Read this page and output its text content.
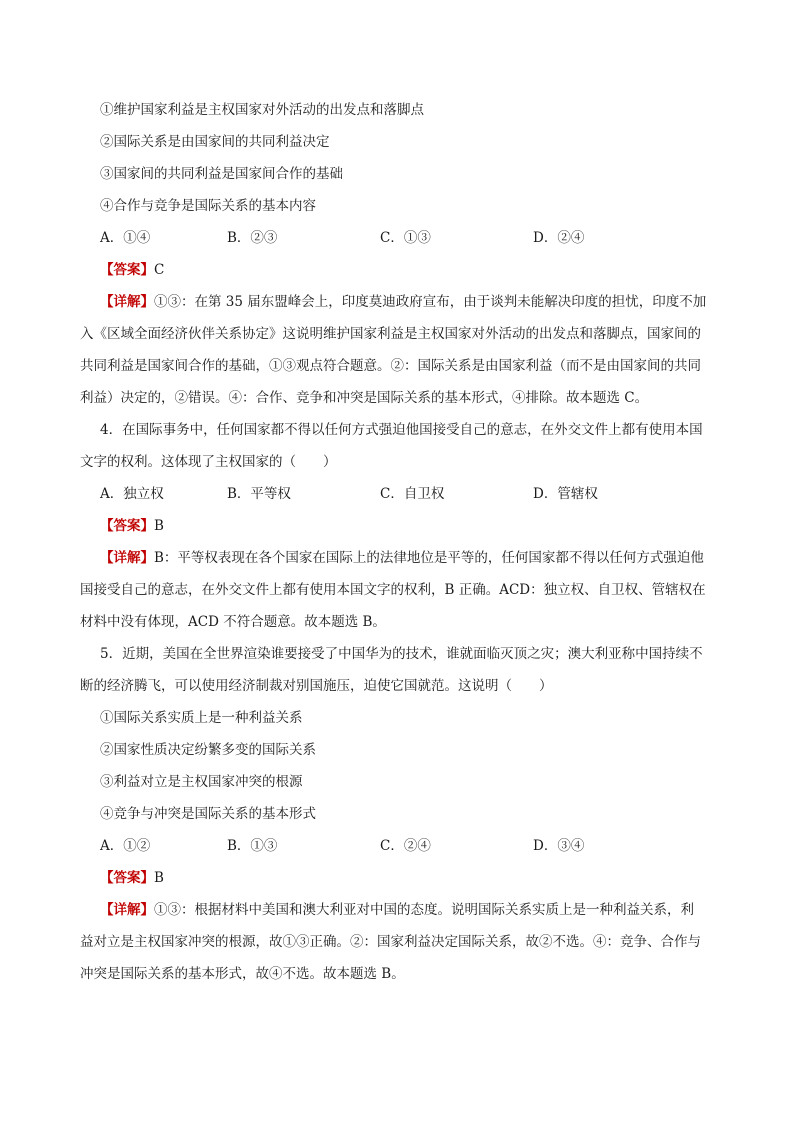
①维护国家利益是主权国家对外活动的出发点和落脚点
②国际关系是由国家间的共同利益决定
③国家间的共同利益是国家间合作的基础
④合作与竞争是国际关系的基本内容
A．①④	B．②③	C．①③	D．②④
【答案】C
【详解】①③：在第 35 届东盟峰会上，印度莫迪政府宣布，由于谈判未能解决印度的担忧，印度不加
入《区域全面经济伙伴关系协定》这说明维护国家利益是主权国家对外活动的出发点和落脚点，国家间的
共同利益是国家间合作的基础，①③观点符合题意。②：国际关系是由国家利益（而不是由国家间的共同
利益）决定的，②错误。④：合作、竞争和冲突是国际关系的基本形式，④排除。故本题选 C。
4．在国际事务中，任何国家都不得以任何方式强迫他国接受自己的意志，在外交文件上都有使用本国
文字的权利。这体现了主权国家的（　　）
A．独立权	B．平等权	C．自卫权	D．管辖权
【答案】B
【详解】B：平等权表现在各个国家在国际上的法律地位是平等的，任何国家都不得以任何方式强迫他
国接受自己的意志，在外交文件上都有使用本国文字的权利，B 正确。ACD：独立权、自卫权、管辖权在
材料中没有体现，ACD 不符合题意。故本题选 B。
5．近期，美国在全世界渲染谁要接受了中国华为的技术，谁就面临灭顶之灾；澳大利亚称中国持续不
断的经济腾飞，可以使用经济制裁对别国施压，迫使它国就范。这说明（　　）
①国际关系实质上是一种利益关系
②国家性质决定纷繁多变的国际关系
③利益对立是主权国家冲突的根源
④竞争与冲突是国际关系的基本形式
A．①②	B．①③	C．②④	D．③④
【答案】B
【详解】①③：根据材料中美国和澳大利亚对中国的态度。说明国际关系实质上是一种利益关系，利
益对立是主权国家冲突的根源，故①③正确。②：国家利益决定国际关系，故②不选。④：竞争、合作与
冲突是国际关系的基本形式，故④不选。故本题选 B。
